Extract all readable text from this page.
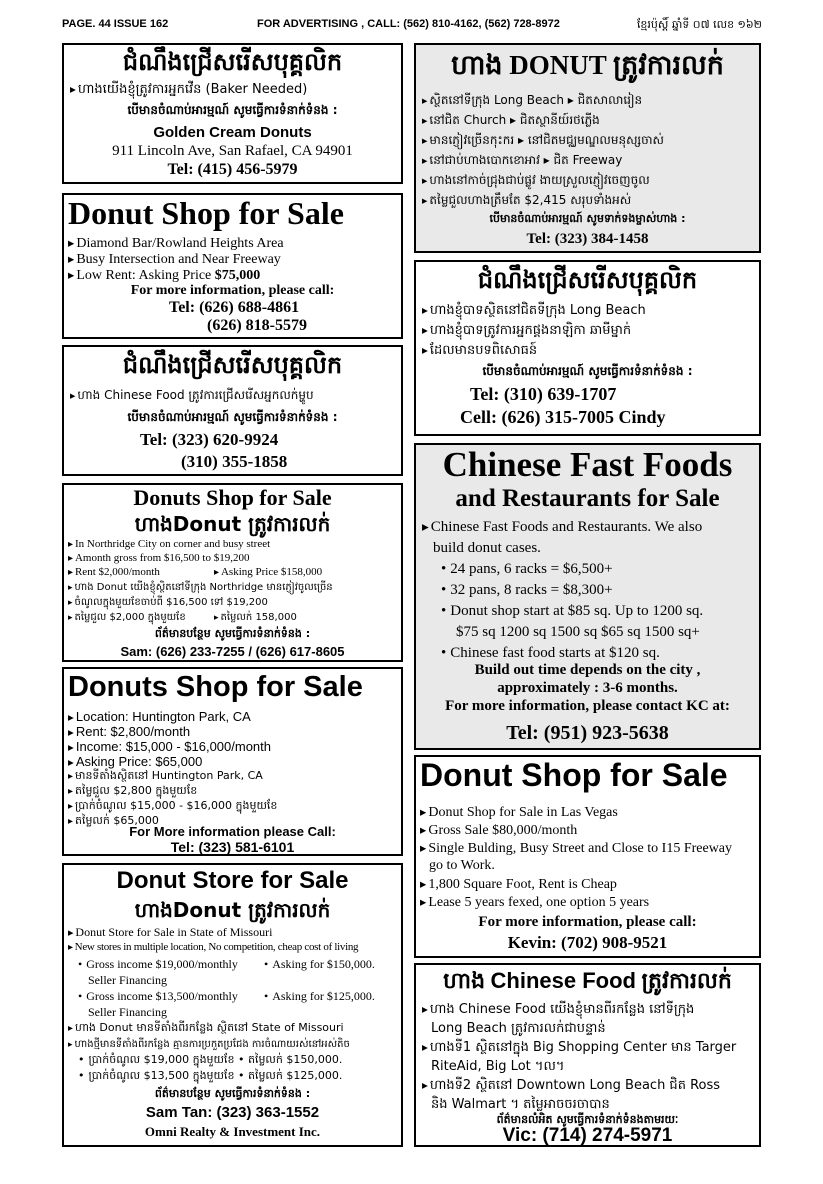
PAGE. 44 ISSUE 162	FOR ADVERTISING , CALL: (562) 810-4162, (562) 728-8972	ខ្មែរប៉ុស្តិ៍ ឆ្នាំទី ០៧ លេខ ១៦២
ជំណឹងជ្រើសរើសបុគ្គលិក
▸ ហាងយើងខ្ញុំត្រូវការអ្នកវើន (Baker Needed)
បើមានចំណាប់អារម្មណ៍ សូមធ្វើការទំនាក់ទំនង :
Golden Cream Donuts
911 Lincoln Ave, San Rafael, CA 94901
Tel: (415) 456-5979
Donut Shop for Sale
▸ Diamond Bar/Rowland Heights Area
▸ Busy Intersection and Near Freeway
▸ Low Rent: Asking Price $75,000
For more information, please call:
Tel: (626) 688-4861
(626) 818-5579
ជំណឹងជ្រើសរើសបុគ្គលិក
▸ ហាង Chinese Food ត្រូវការជ្រើសរើសអ្នកលក់ម្ហូប
បើមានចំណាប់អារម្មណ៍ សូមធ្វើការទំនាក់ទំនង :
Tel: (323) 620-9924
(310) 355-1858
Donuts Shop for Sale
ហាងDonut ត្រូវការលក់
▸ In Northridge City on corner and busy street
▸ Amonth gross from $16,500 to $19,200
▸ Rent $2,000/month	▸ Asking Price $158,000
▸ ហាង Donut យើងខ្ញុំស្ថិតនៅទីក្រុង Northridge មានភ្ញៀវចូលច្រើន
▸ ចំណូលក្នុងមួយខែចាប់ពី $16,500 ទៅ $19,200
▸ តម្លៃជួល $2,000 ក្នុងមួយខែ	▸ តម្លៃលក់ 158,000
ព័ត៌មានបន្ថែម សូមធ្វើការទំនាក់ទំនង :
Sam: (626) 233-7255 / (626) 617-8605
Donuts Shop for Sale
▸ Location: Huntington Park, CA
▸ Rent: $2,800/month
▸ Income: $15,000 - $16,000/month
▸ Asking Price: $65,000
▸ មានទីតាំងស្ថិតនៅ Huntington Park, CA
▸ តម្លៃជួល $2,800 ក្នុងមួយខែ
▸ ប្រាក់ចំណូល $15,000 - $16,000 ក្នុងមួយខែ
▸ តម្លៃលក់ $65,000
For More information please Call:
Tel: (323) 581-6101
Donut Store for Sale
ហាងDonut ត្រូវការលក់
▸ Donut Store for Sale in State of Missouri
▸ New stores in multiple location, No competition, cheap cost of living
• Gross income $19,000/monthly	• Asking for $150,000.
Seller Financing
• Gross income $13,500/monthly	• Asking for $125,000.
Seller Financing
▸ ហាង Donut មានទីតាំងពីរកន្លែង ស្ថិតនៅ State of Missouri
▸ ហាងថ្មីមានទីតាំងពីរកន្លែង គ្មានការប្រកួតប្រជែង ការចំណាយរស់នៅអស់តិច
• ប្រាក់ចំណូល $19,000 ក្នុងមួយខែ • តម្លៃលក់ $150,000.
• ប្រាក់ចំណូល $13,500 ក្នុងមួយខែ • តម្លៃលក់ $125,000.
ព័ត៌មានបន្ថែម សូមធ្វើការទំនាក់ទំនង :
Sam Tan: (323) 363-1552
Omni Realty & Investment Inc.
ហាង DONUT ត្រូវការលក់
▸ ស្ថិតនៅទីក្រុង Long Beach ▸ ជិតសាលារៀន
▸ នៅជិត Church ▸ ជិតស្ថានីយ៍រថភ្លើង
▸ មានភ្ញៀវច្រើនកុះករ ▸ នៅជិតមជ្ឈមណ្ឌលមនុស្សចាស់
▸ នៅជាប់ហាងបោកខោអាវ ▸ ជិត Freeway
▸ ហាងនៅកាច់ជ្រុងជាប់ផ្លូវ ងាយស្រួលភ្ញៀវចេញចូល
▸ តម្លៃជួលហាងត្រឹមតែ $2,415 សរុបទាំងអស់
បើមានចំណាប់អារម្មណ៍ សូមទាក់ទងម្ចាស់ហាង :
Tel: (323) 384-1458
ជំណឹងជ្រើសរើសបុគ្គលិក
▸ ហាងខ្ញុំបាទស្ថិតនៅជិតទីក្រុង Long Beach
▸ ហាងខ្ញុំបាទត្រូវការអ្នកផ្គងនាឡិកា ឆាមីម្នាក់
▸ ដែលមានបទពិសោធន៍
បើមានចំណាប់អារម្មណ៍ សូមធ្វើការទំនាក់ទំនង :
Tel: (310) 639-1707
Cell: (626) 315-7005 Cindy
Chinese Fast Foods
and Restaurants for Sale
▸ Chinese Fast Foods and Restaurants. We also
build donut cases.
• 24 pans, 6 racks = $6,500+
• 32 pans, 8 racks = $8,300+
• Donut shop start at $85 sq. Up to 1200 sq.
$75 sq 1200 sq 1500 sq $65 sq 1500 sq+
• Chinese fast food starts at $120 sq.
Build out time depends on the city ,
approximately : 3-6 months.
For more information, please contact KC at:
Tel: (951) 923-5638
Donut Shop for Sale
▸ Donut Shop for Sale in Las Vegas
▸ Gross Sale $80,000/month
▸ Single Bulding, Busy Street and Close to I15 Freeway
go to Work.
▸ 1,800 Square Foot, Rent is Cheap
▸ Lease 5 years fexed, one option 5 years
For more information, please call:
Kevin: (702) 908-9521
ហាង Chinese Food ត្រូវការលក់
▸ ហាង Chinese Food យើងខ្ញុំមានពីរកន្លែង នៅទីក្រុង
Long Beach ត្រូវការលក់ជាបន្ទាន់
▸ ហាងទី1 ស្ថិតនៅក្នុង Big Shopping Center មាន Targer
RiteAid, Big Lot ។ល។
▸ ហាងទី2 ស្ថិតនៅ Downtown Long Beach ជិត Ross
និង Walmart ។ តម្លៃអាចចរចាបាន
ព័ត៌មានលំអិត សូមធ្វើការទំនាក់ទំនងតាមរយៈ
Vic: (714) 274-5971
